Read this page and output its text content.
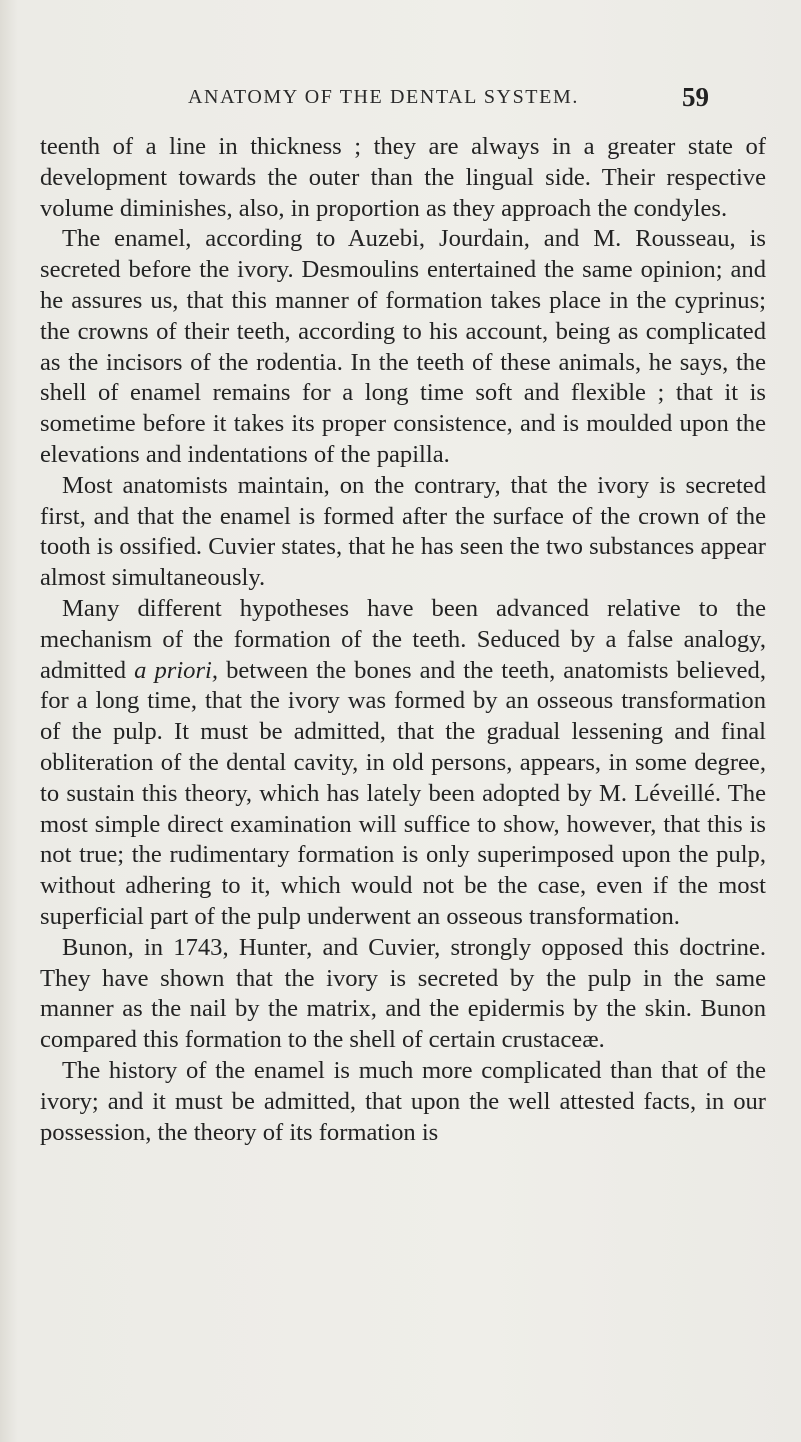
ANATOMY OF THE DENTAL SYSTEM.	59

teenth of a line in thickness ; they are always in a greater state of development towards the outer than the lingual side. Their respective volume diminishes, also, in proportion as they approach the condyles.

The enamel, according to Auzebi, Jourdain, and M. Rousseau, is secreted before the ivory. Desmoulins entertained the same opinion; and he assures us, that this manner of formation takes place in the cyprinus; the crowns of their teeth, according to his account, being as complicated as the incisors of the rodentia. In the teeth of these animals, he says, the shell of enamel remains for a long time soft and flexible ; that it is sometime before it takes its proper consistence, and is moulded upon the elevations and indentations of the papilla.

Most anatomists maintain, on the contrary, that the ivory is secreted first, and that the enamel is formed after the surface of the crown of the tooth is ossified. Cuvier states, that he has seen the two substances appear almost simultaneously.

Many different hypotheses have been advanced relative to the mechanism of the formation of the teeth. Seduced by a false analogy, admitted a priori, between the bones and the teeth, anatomists believed, for a long time, that the ivory was formed by an osseous transformation of the pulp. It must be admitted, that the gradual lessening and final obliteration of the dental cavity, in old persons, appears, in some degree, to sustain this theory, which has lately been adopted by M. Léveillé. The most simple direct examination will suffice to show, however, that this is not true; the rudimentary formation is only superimposed upon the pulp, without adhering to it, which would not be the case, even if the most superficial part of the pulp underwent an osseous transformation.

Bunon, in 1743, Hunter, and Cuvier, strongly opposed this doctrine. They have shown that the ivory is secreted by the pulp in the same manner as the nail by the matrix, and the epidermis by the skin. Bunon compared this formation to the shell of certain crustaceæ.

The history of the enamel is much more complicated than that of the ivory; and it must be admitted, that upon the well attested facts, in our possession, the theory of its formation is
